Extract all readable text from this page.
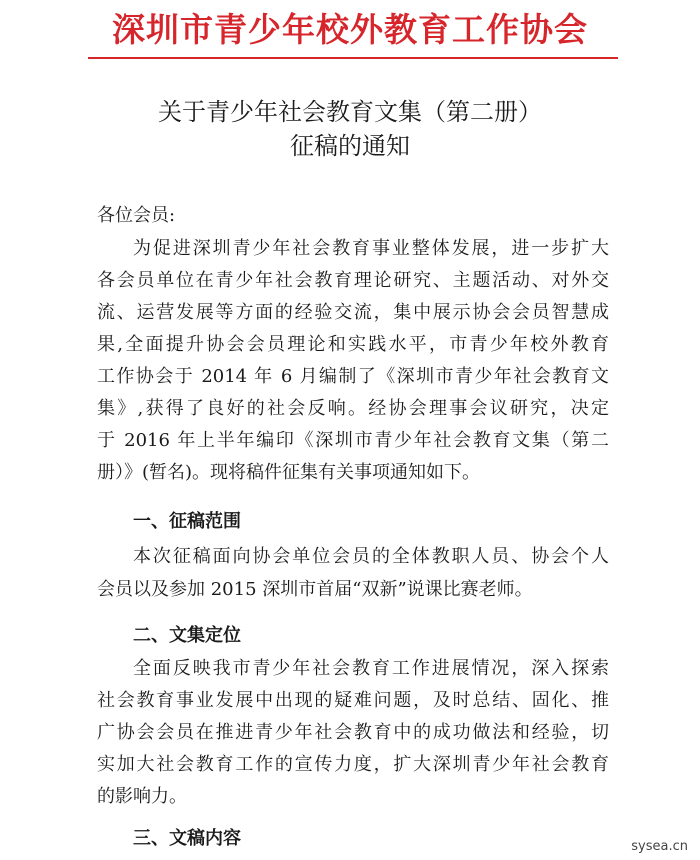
深圳市青少年校外教育工作协会
关于青少年社会教育文集（第二册）
征稿的通知
各位会员:
为促进深圳青少年社会教育事业整体发展，进一步扩大
各会员单位在青少年社会教育理论研究、主题活动、对外交
流、运营发展等方面的经验交流，集中展示协会会员智慧成
果,全面提升协会会员理论和实践水平，市青少年校外教育
工作协会于 2014 年 6 月编制了《深圳市青少年社会教育文
集》,获得了良好的社会反响。经协会理事会议研究，决定
于 2016 年上半年编印《深圳市青少年社会教育文集（第二
册）》(暂名)。现将稿件征集有关事项通知如下。
一、征稿范围
本次征稿面向协会单位会员的全体教职人员、协会个人
会员以及参加 2015 深圳市首届“双新”说课比赛老师。
二、文集定位
全面反映我市青少年社会教育工作进展情况，深入探索
社会教育事业发展中出现的疑难问题，及时总结、固化、推
广协会会员在推进青少年社会教育中的成功做法和经验，切
实加大社会教育工作的宣传力度，扩大深圳青少年社会教育
的影响力。
三、文稿内容	sysea.cn
